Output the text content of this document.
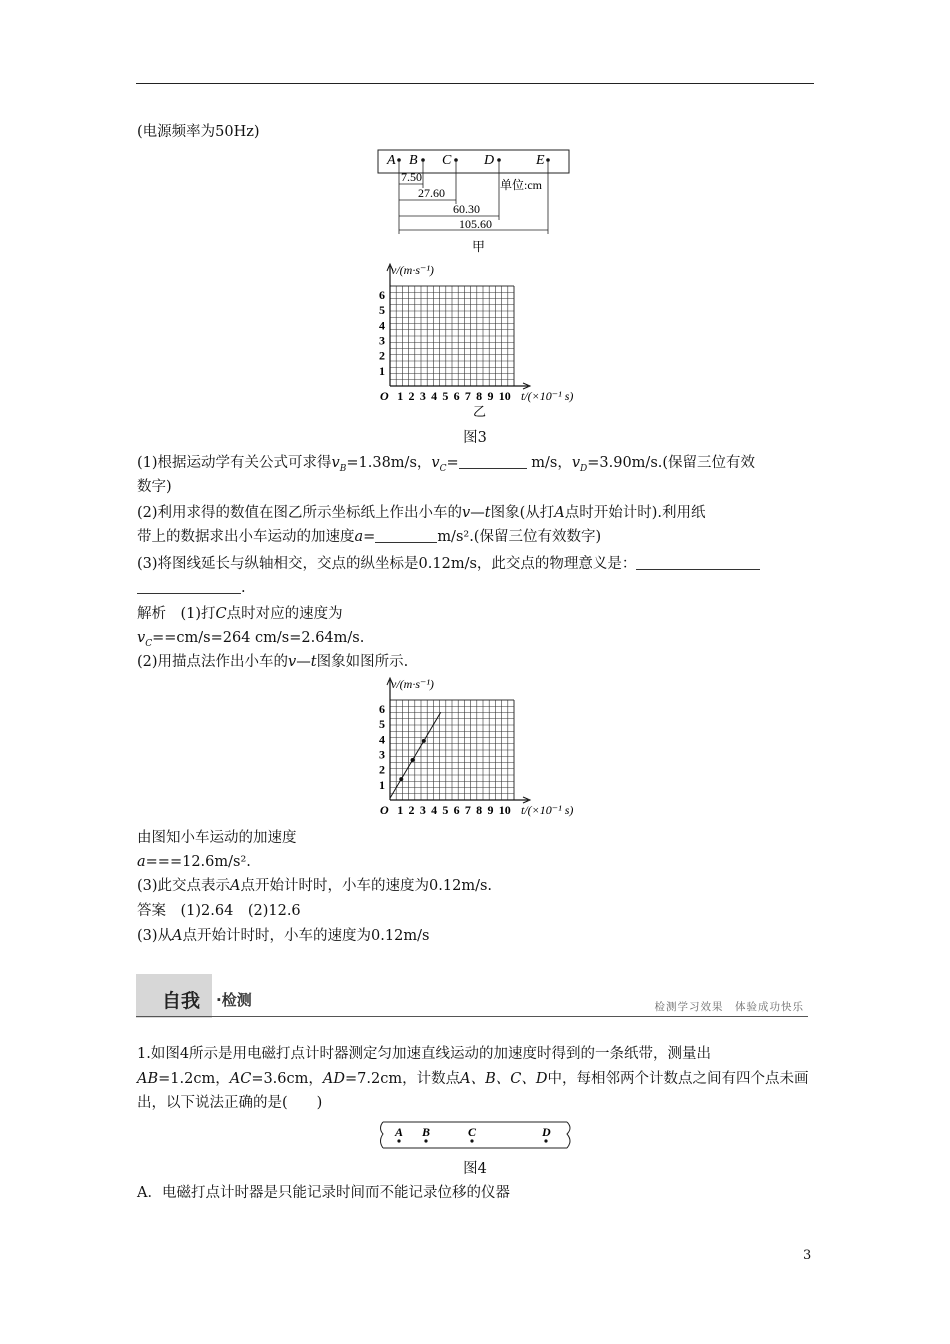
(电源频率为50Hz)
A B C D	E
7.50
27.60
60.30
105.60
单位:cm
甲
v/(m·s⁻¹)
t/(×10⁻¹ s)
O
1
2
3
4
5
6
1 2 3 4 5 6 7 8 9 10
乙
图3
(1)根据运动学有关公式可求得$v_B=1.38m/s$，$v_C=$	m/s，$v_D=3.90m/s$.(保留三位有效
数字)
(2)利用求得的数值在图乙所示坐标纸上作出小车的v—t图象(从打A点时开始计时).利用纸
带上的数据求出小车运动的加速度a=	m/s².(保留三位有效数字)
(3)将图线延长与纵轴相交，交点的纵坐标是0.12m/s，此交点的物理意义是：
.
解析　(1)打C点时对应的速度为
$v_C==cm/s=264$ cm/s=2.64m/s.
(2)用描点法作出小车的v—t图象如图所示.
v/(m·s⁻¹)
t/(×10⁻¹ s)
O
1
2
3
4
5
6
1 2 3 4 5 6 7 8 9 10
由图知小车运动的加速度
a===12.6m/s².
(3)此交点表示A点开始计时时，小车的速度为0.12m/s.
答案　(1)2.64　(2)12.6
(3)从A点开始计时时，小车的速度为0.12m/s
自我 ·检测	检测学习效果　体验成功快乐
1.如图4所示是用电磁打点计时器测定匀加速直线运动的加速度时得到的一条纸带，测量出
AB=1.2cm，AC=3.6cm，AD=7.2cm，计数点A、B、C、D中，每相邻两个计数点之间有四个点未画
出，以下说法正确的是(　　)
A B	C	D
图4
A．电磁打点计时器是只能记录时间而不能记录位移的仪器
3
